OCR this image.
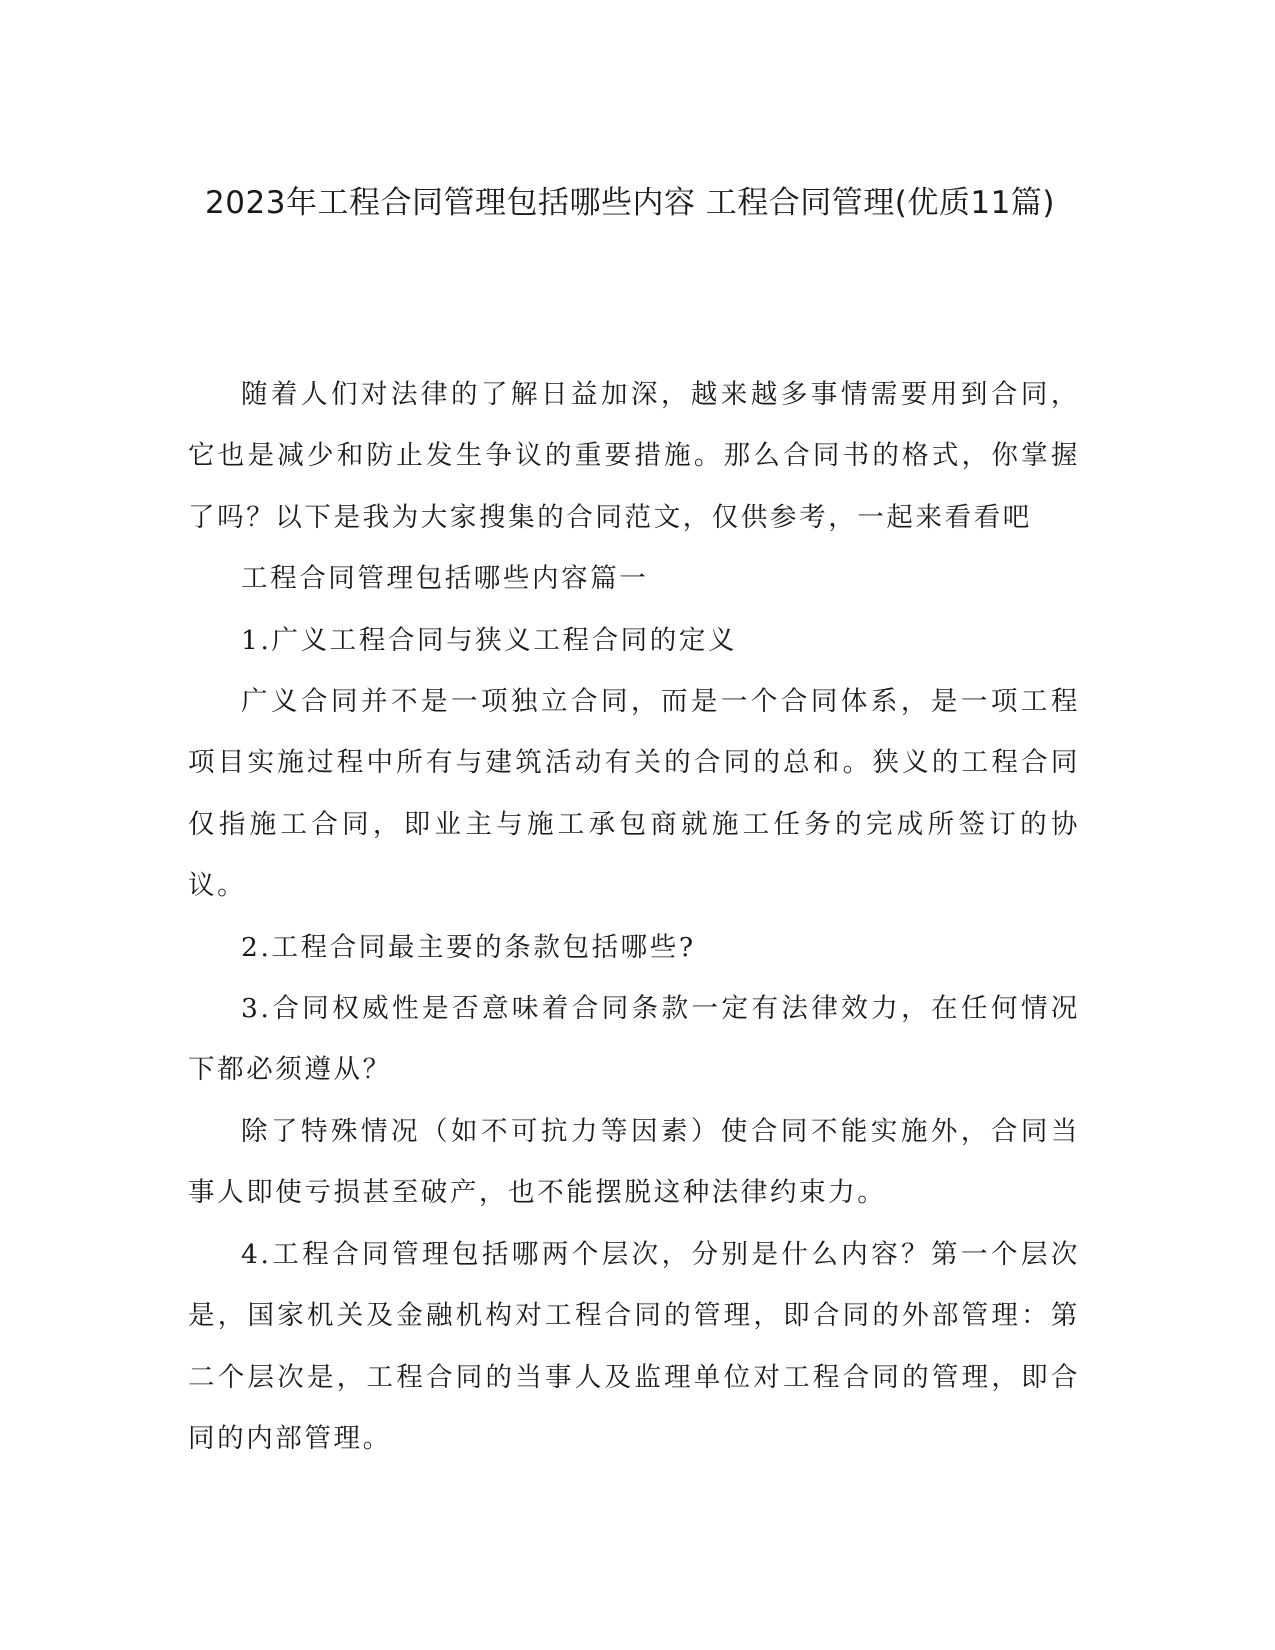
2023年工程合同管理包括哪些内容 工程合同管理(优质11篇)

随着人们对法律的了解日益加深，越来越多事情需要用到合同，它也是减少和防止发生争议的重要措施。那么合同书的格式，你掌握了吗？以下是我为大家搜集的合同范文，仅供参考，一起来看看吧

工程合同管理包括哪些内容篇一

1.广义工程合同与狭义工程合同的定义

广义合同并不是一项独立合同，而是一个合同体系，是一项工程项目实施过程中所有与建筑活动有关的合同的总和。狭义的工程合同仅指施工合同，即业主与施工承包商就施工任务的完成所签订的协议。

2.工程合同最主要的条款包括哪些?

3.合同权威性是否意味着合同条款一定有法律效力，在任何情况下都必须遵从？

除了特殊情况（如不可抗力等因素）使合同不能实施外，合同当事人即使亏损甚至破产，也不能摆脱这种法律约束力。

4.工程合同管理包括哪两个层次，分别是什么内容？第一个层次是，国家机关及金融机构对工程合同的管理，即合同的外部管理：第二个层次是，工程合同的当事人及监理单位对工程合同的管理，即合同的内部管理。
